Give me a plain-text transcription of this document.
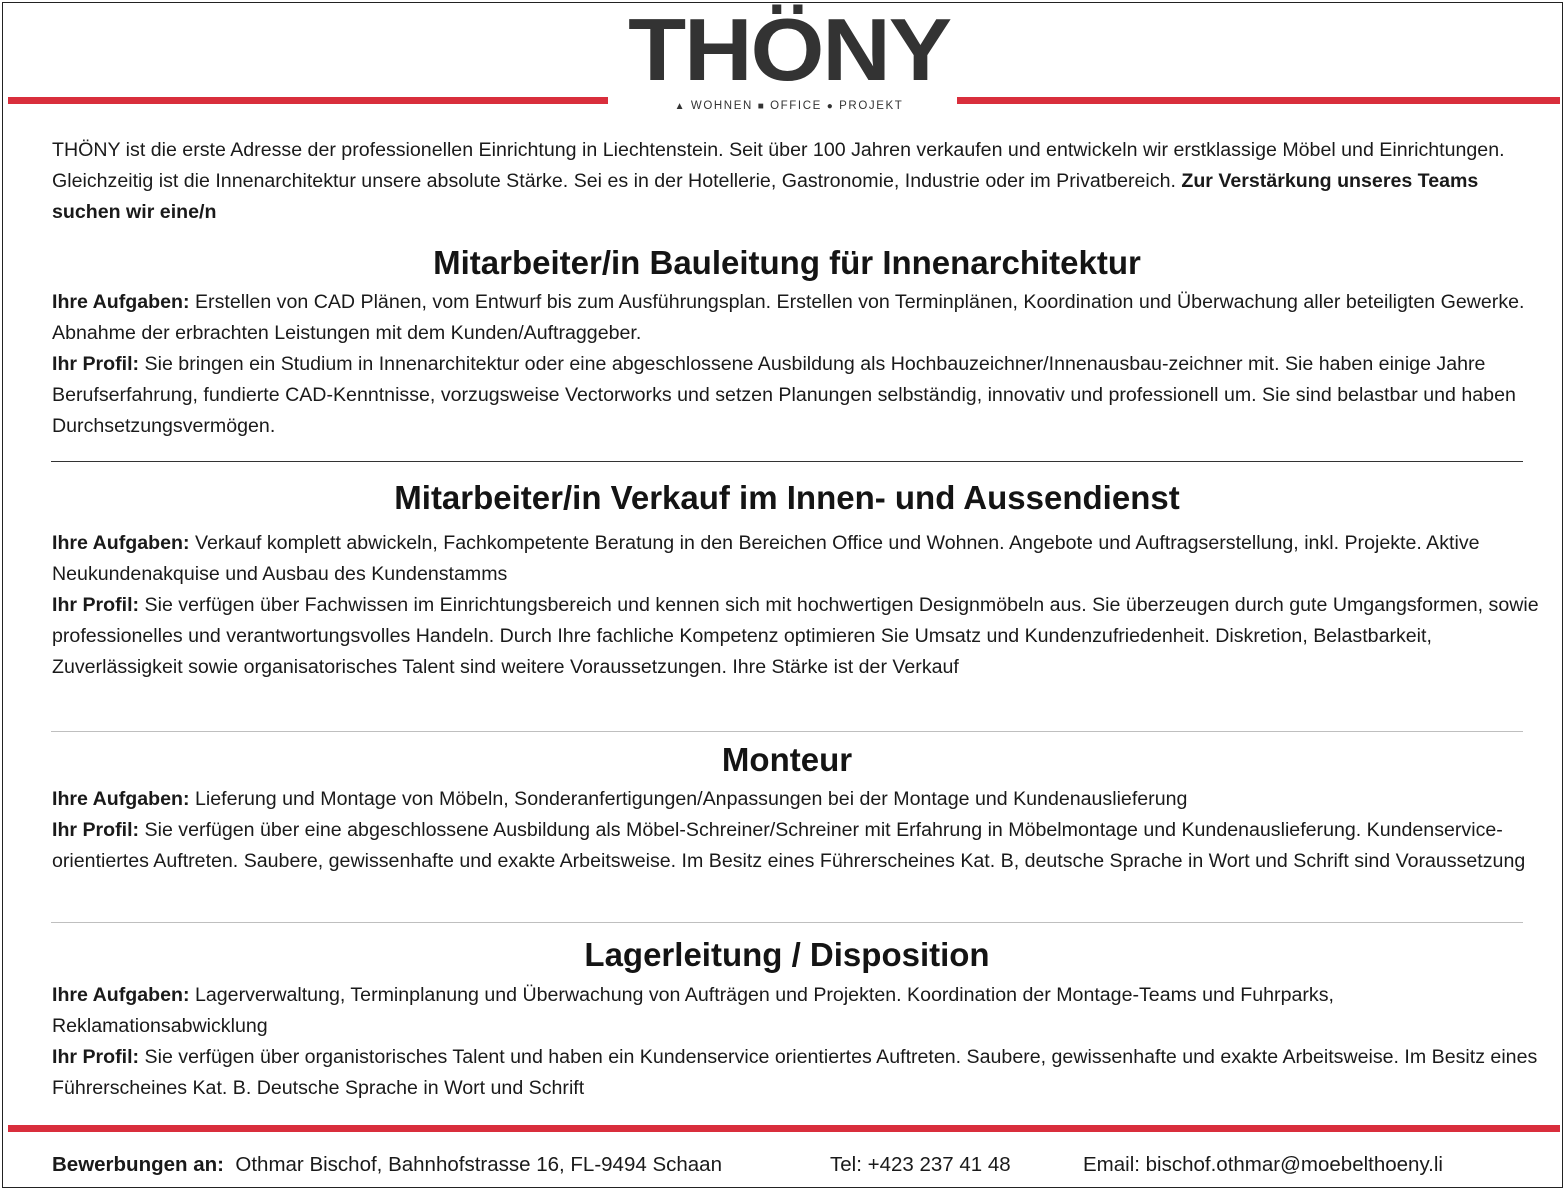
THÖNY
▲ WOHNEN ■ OFFICE ● PROJEKT
THÖNY ist die erste Adresse der professionellen Einrichtung in Liechtenstein. Seit über 100 Jahren verkaufen und entwickeln wir erstklassige Möbel und Einrichtungen. Gleichzeitig ist die Innenarchitektur unsere absolute Stärke. Sei es in der Hotellerie, Gastronomie, Industrie oder im Privatbereich. Zur Verstärkung unseres Teams suchen wir eine/n
Mitarbeiter/in Bauleitung für Innenarchitektur
Ihre Aufgaben: Erstellen von CAD Plänen, vom Entwurf bis zum Ausführungsplan. Erstellen von Terminplänen, Koordination und Überwachung aller beteiligten Gewerke. Abnahme der erbrachten Leistungen mit dem Kunden/Auftraggeber.
Ihr Profil: Sie bringen ein Studium in Innenarchitektur oder eine abgeschlossene Ausbildung als Hochbauzeichner/Innenausbau-zeichner mit. Sie haben einige Jahre Berufserfahrung, fundierte CAD-Kenntnisse, vorzugsweise Vectorworks und setzen Planungen selbständig, innovativ und professionell um. Sie sind belastbar und haben Durchsetzungsvermögen.
Mitarbeiter/in Verkauf im Innen- und Aussendienst
Ihre Aufgaben: Verkauf komplett abwickeln, Fachkompetente Beratung in den Bereichen Office und Wohnen. Angebote und Auftragserstellung, inkl. Projekte. Aktive Neukundenakquise und Ausbau des Kundenstamms
Ihr Profil: Sie verfügen über Fachwissen im Einrichtungsbereich und kennen sich mit hochwertigen Designmöbeln aus. Sie überzeugen durch gute Umgangsformen, sowie professionelles und verantwortungsvolles Handeln. Durch Ihre fachliche Kompetenz optimieren Sie Umsatz und Kundenzufriedenheit. Diskretion, Belastbarkeit, Zuverlässigkeit sowie organisatorisches Talent sind weitere Voraussetzungen. Ihre Stärke ist der Verkauf
Monteur
Ihre Aufgaben: Lieferung und Montage von Möbeln, Sonderanfertigungen/Anpassungen bei der Montage und Kundenauslieferung
Ihr Profil: Sie verfügen über eine abgeschlossene Ausbildung als Möbel-Schreiner/Schreiner mit Erfahrung in Möbelmontage und Kundenauslieferung. Kundenservice-orientiertes Auftreten. Saubere, gewissenhafte und exakte Arbeitsweise. Im Besitz eines Führerscheines Kat. B, deutsche Sprache in Wort und Schrift sind Voraussetzung
Lagerleitung / Disposition
Ihre Aufgaben: Lagerverwaltung, Terminplanung und Überwachung von Aufträgen und Projekten. Koordination der Montage-Teams und Fuhrparks, Reklamationsabwicklung
Ihr Profil: Sie verfügen über organistorisches Talent und haben ein Kundenservice orientiertes Auftreten. Saubere, gewissenhafte und exakte Arbeitsweise. Im Besitz eines Führerscheines Kat. B. Deutsche Sprache in Wort und Schrift
Bewerbungen an: Othmar Bischof, Bahnhofstrasse 16, FL-9494 Schaan	Tel: +423 237 41 48	Email: bischof.othmar@moebelthoeny.li
